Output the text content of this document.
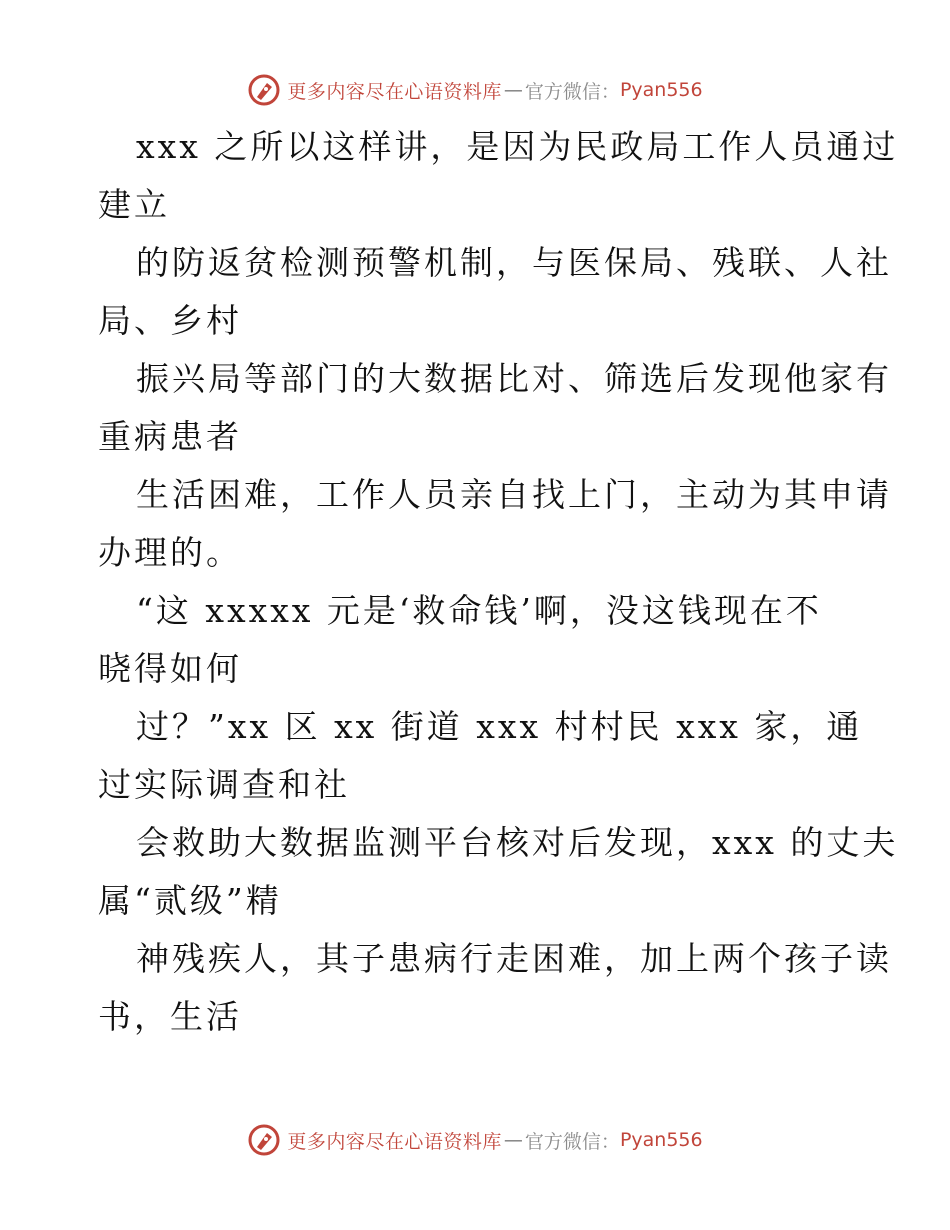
更多内容尽在心语资料库 — 官方微信： Pyan556

xxx 之所以这样讲，是因为民政局工作人员通过

建立

的防返贫检测预警机制，与医保局、残联、人社

局、乡村

振兴局等部门的大数据比对、筛选后发现他家有

重病患者

生活困难，工作人员亲自找上门，主动为其申请

办理的。

“这 xxxxx 元是‘救命钱’啊，没这钱现在不

晓得如何

过？”xx 区 xx 街道 xxx 村村民 xxx 家，通

过实际调查和社

会救助大数据监测平台核对后发现，xxx 的丈夫

属“贰级”精

神残疾人，其子患病行走困难，加上两个孩子读

书，生活

更多内容尽在心语资料库 — 官方微信： Pyan556
